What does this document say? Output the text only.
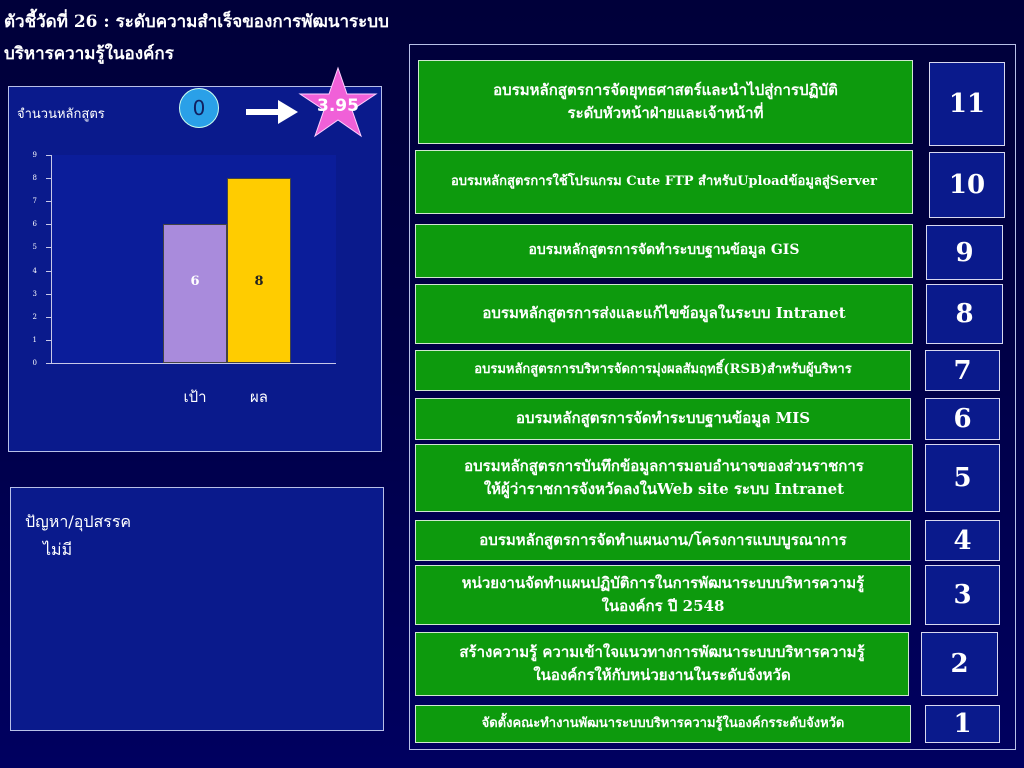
ตัวชี้วัดที่ 26 : ระดับความสำเร็จของการพัฒนาระบบ
บริหารความรู้ในองค์กร
จำนวนหลักสูตร
0
1
2
3
4
5
6
7
8
9
6
เป้า
8
ผล
0	3.95
ปัญหา/อุปสรรค
ไม่มี
อบรมหลักสูตรการจัดยุทธศาสตร์และนำไปสู่การปฏิบัติ
ระดับหัวหน้าฝ่ายและเจ้าหน้าที่	11
อบรมหลักสูตรการใช้โปรแกรม Cute FTP สำหรับUploadข้อมูลสู่Server	10
อบรมหลักสูตรการจัดทำระบบฐานข้อมูล GIS	9
อบรมหลักสูตรการส่งและแก้ไขข้อมูลในระบบ Intranet	8
อบรมหลักสูตรการบริหารจัดการมุ่งผลสัมฤทธิ์(RSB)สำหรับผู้บริหาร	7
อบรมหลักสูตรการจัดทำระบบฐานข้อมูล MIS	6
อบรมหลักสูตรการบันทึกข้อมูลการมอบอำนาจของส่วนราชการ
ให้ผู้ว่าราชการจังหวัดลงในWeb site ระบบ Intranet	5
อบรมหลักสูตรการจัดทำแผนงาน/โครงการแบบบูรณาการ	4
หน่วยงานจัดทำแผนปฏิบัติการในการพัฒนาระบบบริหารความรู้
ในองค์กร ปี 2548	3
สร้างความรู้ ความเข้าใจแนวทางการพัฒนาระบบบริหารความรู้
ในองค์กรให้กับหน่วยงานในระดับจังหวัด	2
จัดตั้งคณะทำงานพัฒนาระบบบริหารความรู้ในองค์กรระดับจังหวัด	1
